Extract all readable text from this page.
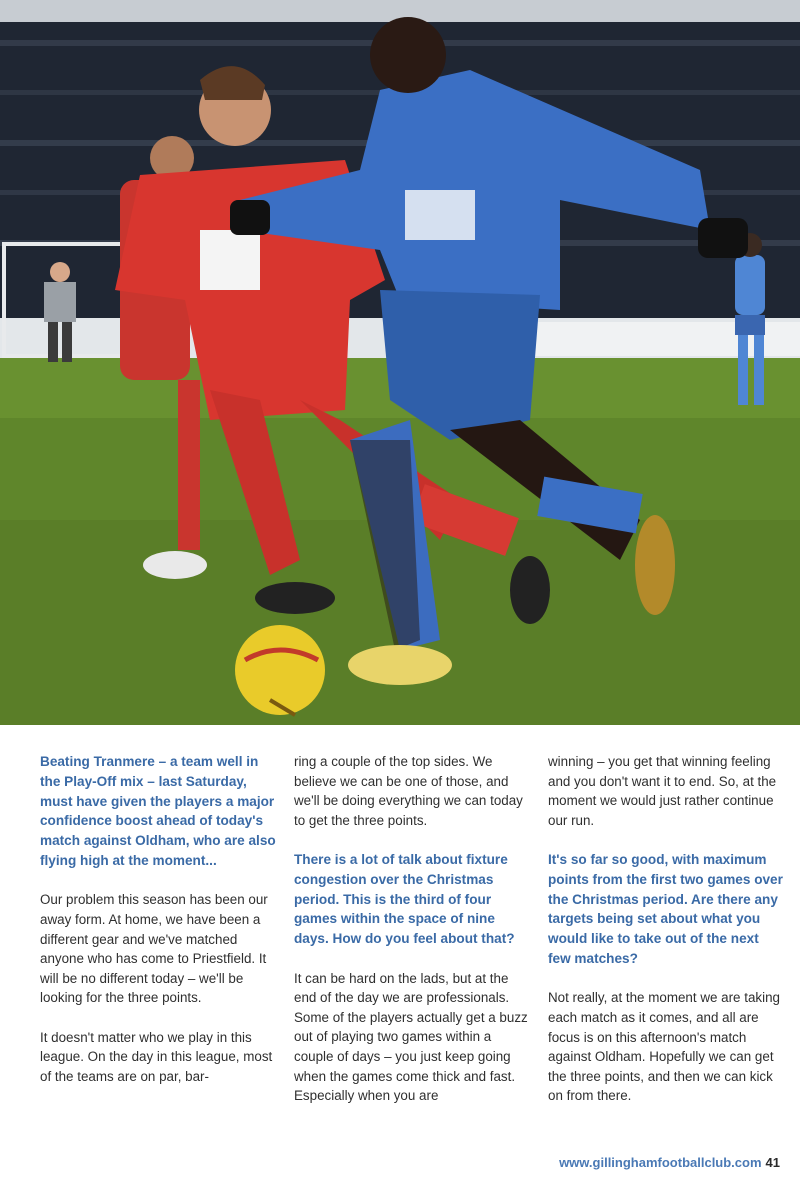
Beating Tranmere – a team well in the Play-Off mix – last Saturday, must have given the players a major confidence boost ahead of today's match against Oldham, who are also flying high at the moment...

Our problem this season has been our away form. At home, we have been a different gear and we've matched anyone who has come to Priestfield. It will be no different today – we'll be looking for the three points.

It doesn't matter who we play in this league. On the day in this league, most of the teams are on par, bar-

ring a couple of the top sides. We believe we can be one of those, and we'll be doing everything we can today to get the three points.

There is a lot of talk about fixture congestion over the Christmas period. This is the third of four games within the space of nine days. How do you feel about that?

It can be hard on the lads, but at the end of the day we are professionals. Some of the players actually get a buzz out of playing two games within a couple of days – you just keep going when the games come thick and fast. Especially when you are

winning – you get that winning feeling and you don't want it to end. So, at the moment we would just rather continue our run.

It's so far so good, with maximum points from the first two games over the Christmas period. Are there any targets being set about what you would like to take out of the next few matches?

Not really, at the moment we are taking each match as it comes, and all are focus is on this afternoon's match against Oldham. Hopefully we can get the three points, and then we can kick on from there.

www.gillinghamfootballclub.com 41
